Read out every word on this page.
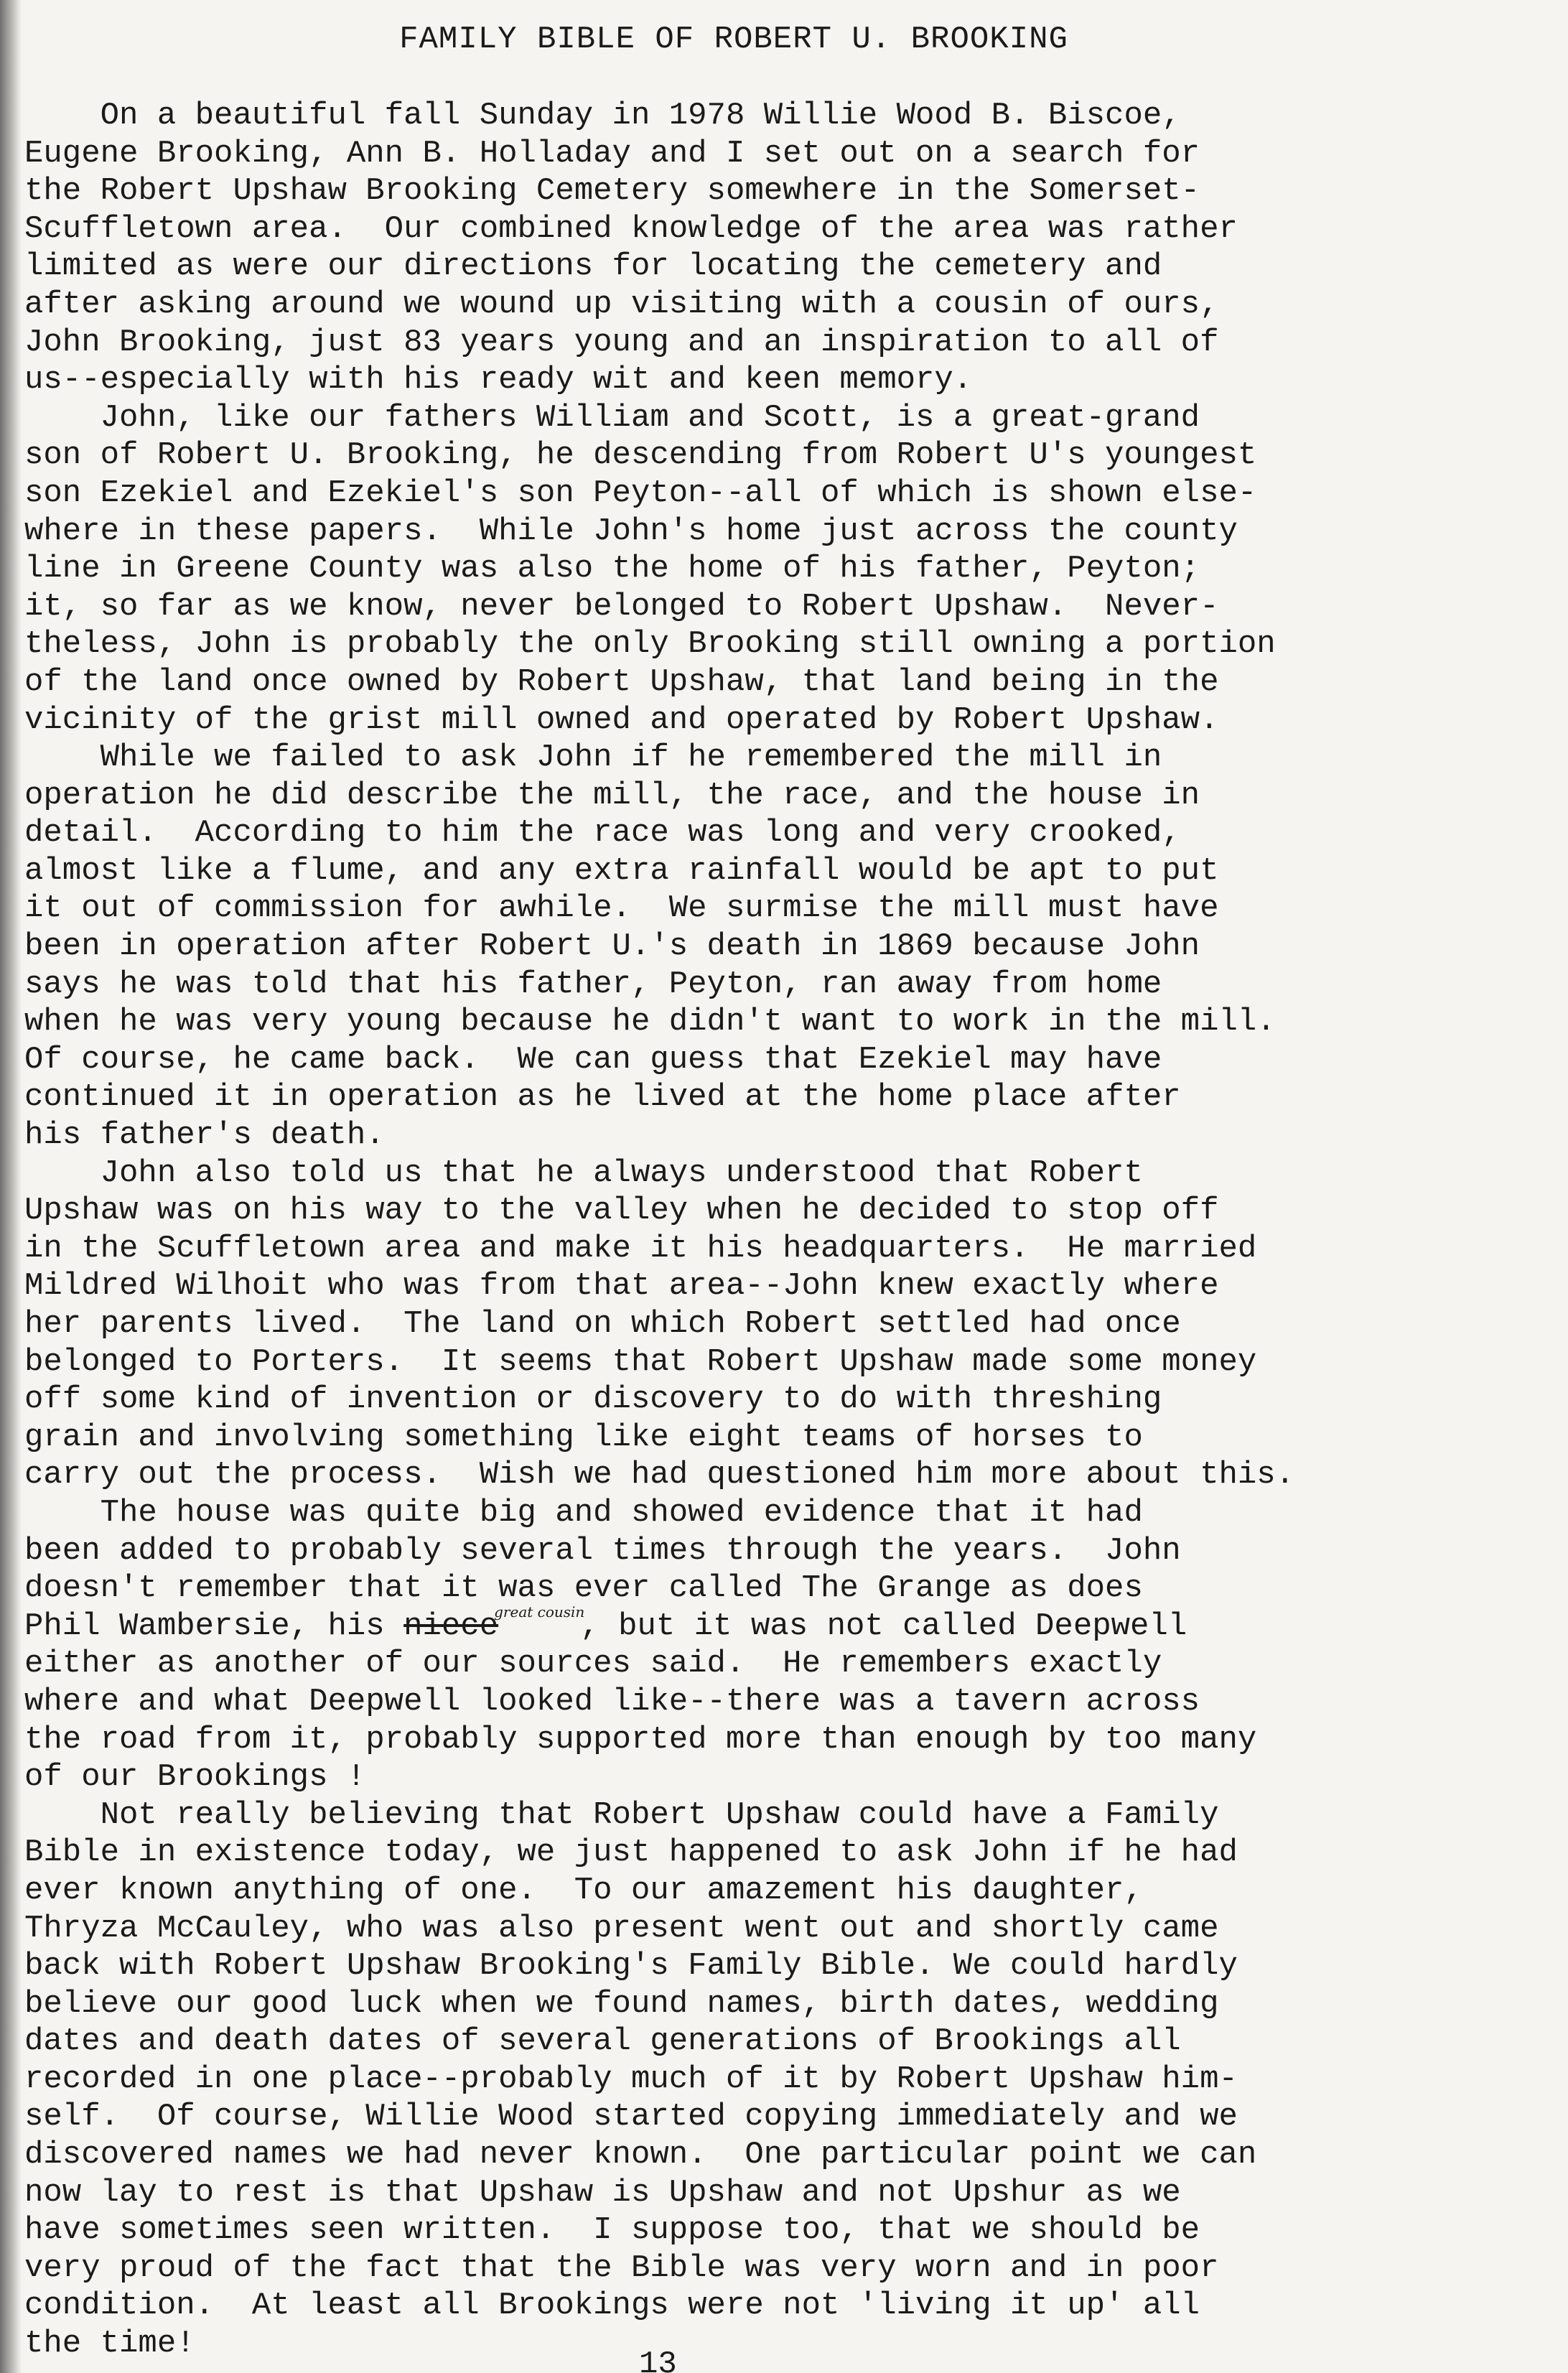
FAMILY BIBLE OF ROBERT U. BROOKING
On a beautiful fall Sunday in 1978 Willie Wood B. Biscoe,
Eugene Brooking, Ann B. Holladay and I set out on a search for
the Robert Upshaw Brooking Cemetery somewhere in the Somerset-
Scuffletown area.  Our combined knowledge of the area was rather
limited as were our directions for locating the cemetery and
after asking around we wound up visiting with a cousin of ours,
John Brooking, just 83 years young and an inspiration to all of
us--especially with his ready wit and keen memory.
John, like our fathers William and Scott, is a great-grand
son of Robert U. Brooking, he descending from Robert U's youngest
son Ezekiel and Ezekiel's son Peyton--all of which is shown else-
where in these papers.  While John's home just across the county
line in Greene County was also the home of his father, Peyton;
it, so far as we know, never belonged to Robert Upshaw.  Never-
theless, John is probably the only Brooking still owning a portion
of the land once owned by Robert Upshaw, that land being in the
vicinity of the grist mill owned and operated by Robert Upshaw.
While we failed to ask John if he remembered the mill in
operation he did describe the mill, the race, and the house in
detail.  According to him the race was long and very crooked,
almost like a flume, and any extra rainfall would be apt to put
it out of commission for awhile.  We surmise the mill must have
been in operation after Robert U.'s death in 1869 because John
says he was told that his father, Peyton, ran away from home
when he was very young because he didn't want to work in the mill.
Of course, he came back.  We can guess that Ezekiel may have
continued it in operation as he lived at the home place after
his father's death.
John also told us that he always understood that Robert
Upshaw was on his way to the valley when he decided to stop off
in the Scuffletown area and make it his headquarters.  He married
Mildred Wilhoit who was from that area--John knew exactly where
her parents lived.  The land on which Robert settled had once
belonged to Porters.  It seems that Robert Upshaw made some money
off some kind of invention or discovery to do with threshing
grain and involving something like eight teams of horses to
carry out the process.  Wish we had questioned him more about this.
The house was quite big and showed evidence that it had
been added to probably several times through the years.  John
doesn't remember that it was ever called The Grange as does
Phil Wambersie, his niece$^{great cousin}$, but it was not called Deepwell
either as another of our sources said.  He remembers exactly
where and what Deepwell looked like--there was a tavern across
the road from it, probably supported more than enough by too many
of our Brookings !
Not really believing that Robert Upshaw could have a Family
Bible in existence today, we just happened to ask John if he had
ever known anything of one.  To our amazement his daughter,
Thryza McCauley, who was also present went out and shortly came
back with Robert Upshaw Brooking's Family Bible. We could hardly
believe our good luck when we found names, birth dates, wedding
dates and death dates of several generations of Brookings all
recorded in one place--probably much of it by Robert Upshaw him-
self.  Of course, Willie Wood started copying immediately and we
discovered names we had never known.  One particular point we can
now lay to rest is that Upshaw is Upshaw and not Upshur as we
have sometimes seen written.  I suppose too, that we should be
very proud of the fact that the Bible was very worn and in poor
condition.  At least all Brookings were not 'living it up' all
the time!
13
